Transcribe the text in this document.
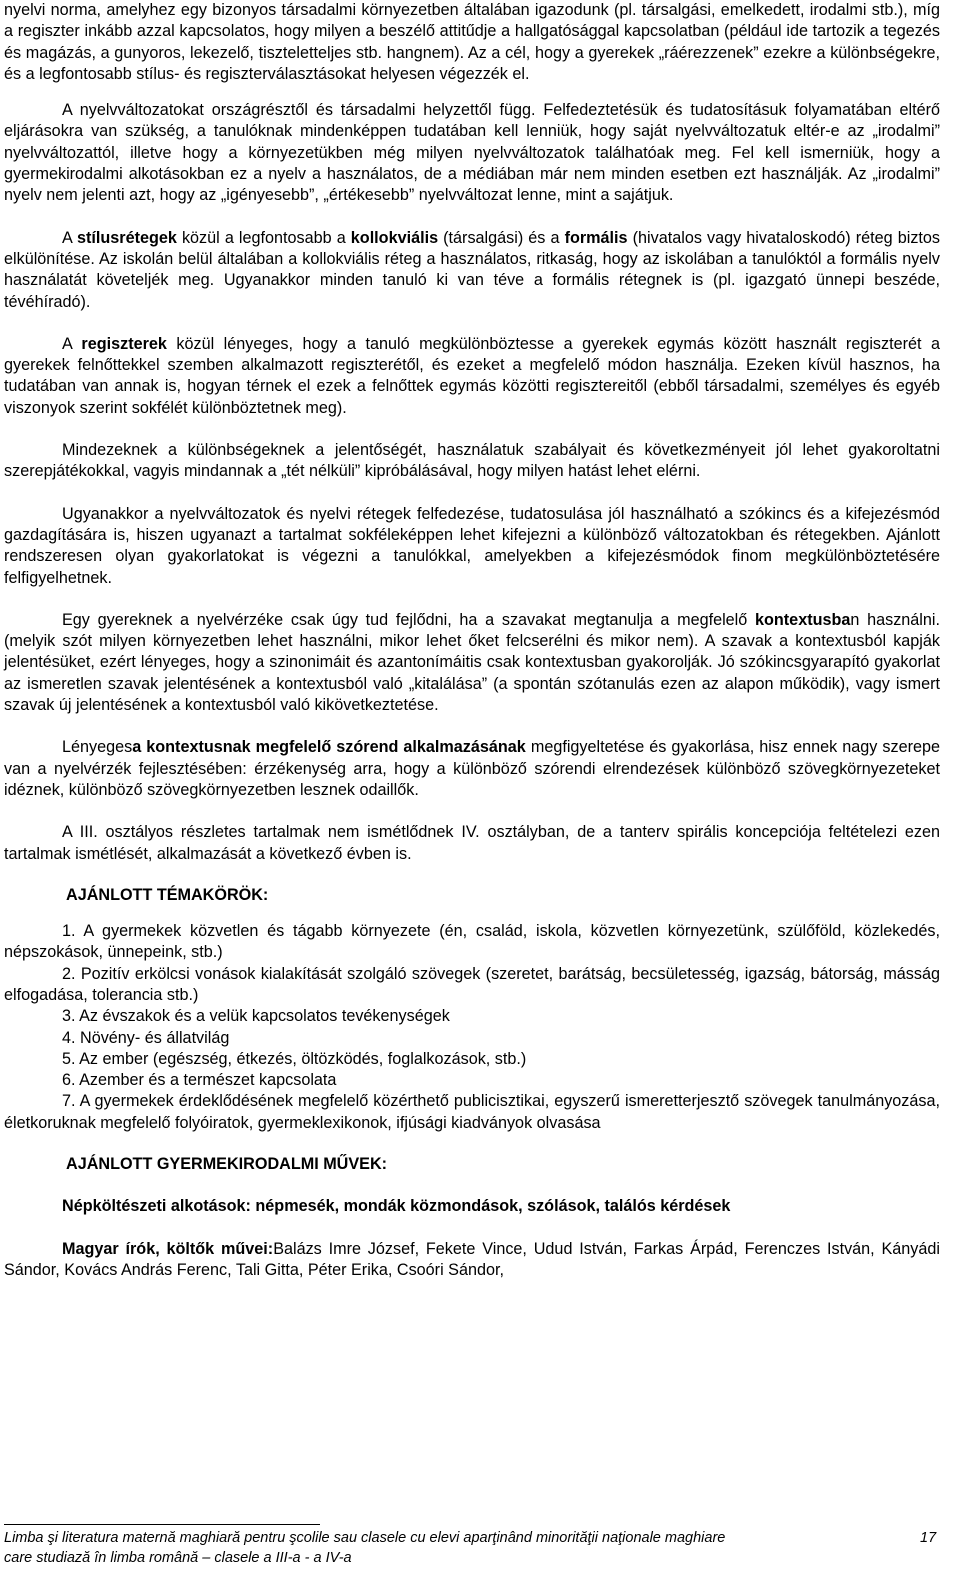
nyelvi norma, amelyhez egy bizonyos társadalmi környezetben általában igazodunk (pl. társalgási, emelkedett, irodalmi stb.), míg a regiszter inkább azzal kapcsolatos, hogy milyen a beszélő attitűdje a hallgatósággal kapcsolatban (például ide tartozik a tegezés és magázás, a gunyoros, lekezelő, tiszteletteljes stb. hangnem). Az a cél, hogy a gyerekek „ráérezzenek” ezekre a különbségekre, és a legfontosabb stílus- és regiszterválasztásokat helyesen végezzék el.

A nyelvváltozatokat országrésztől és társadalmi helyzettől függ. Felfedeztetésük és tudatosításuk folyamatában eltérő eljárásokra van szükség, a tanulóknak mindenképpen tudatában kell lenniük, hogy saját nyelvváltozatuk eltér-e az „irodalmi” nyelvváltozattól, illetve hogy a környezetükben még milyen nyelvváltozatok találhatóak meg. Fel kell ismerniük, hogy a gyermekirodalmi alkotásokban ez a nyelv a használatos, de a médiában már nem minden esetben ezt használják. Az „irodalmi” nyelv nem jelenti azt, hogy az „igényesebb”, „értékesebb” nyelvváltozat lenne, mint a sajátjuk.

A stílusrétegek közül a legfontosabb a kollokviális (társalgási) és a formális (hivatalos vagy hivataloskodó) réteg biztos elkülönítése. Az iskolán belül általában a kollokviális réteg a használatos, ritkaság, hogy az iskolában a tanulóktól a formális nyelv használatát követeljék meg. Ugyanakkor minden tanuló ki van téve a formális rétegnek is (pl. igazgató ünnepi beszéde, tévéhíradó).

A regiszterek közül lényeges, hogy a tanuló megkülönböztesse a gyerekek egymás között használt regiszterét a gyerekek felnőttekkel szemben alkalmazott regiszterétől, és ezeket a megfelelő módon használja. Ezeken kívül hasznos, ha tudatában van annak is, hogyan térnek el ezek a felnőttek egymás közötti regisztereitől (ebből társadalmi, személyes és egyéb viszonyok szerint sokfélét különböztetnek meg).

Mindezeknek a különbségeknek a jelentőségét, használatuk szabályait és következményeit jól lehet gyakoroltatni szerepjátékokkal, vagyis mindannak a „tét nélküli” kipróbálásával, hogy milyen hatást lehet elérni.

Ugyanakkor a nyelvváltozatok és nyelvi rétegek felfedezése, tudatosulása jól használható a szókincs és a kifejezésmód gazdagítására is, hiszen ugyanazt a tartalmat sokféleképpen lehet kifejezni a különböző változatokban és rétegekben. Ajánlott rendszeresen olyan gyakorlatokat is végezni a tanulókkal, amelyekben a kifejezésmódok finom megkülönböztetésére felfigyelhetnek.

Egy gyereknek a nyelvérzéke csak úgy tud fejlődni, ha a szavakat megtanulja a megfelelő kontextusban használni. (melyik szót milyen környezetben lehet használni, mikor lehet őket felcserélni és mikor nem). A szavak a kontextusból kapják jelentésüket, ezért lényeges, hogy a szinonimáit és azantonímáitis csak kontextusban gyakorolják. Jó szókincsgyarapító gyakorlat az ismeretlen szavak jelentésének a kontextusból való „kitalálása” (a spontán szótanulás ezen az alapon működik), vagy ismert szavak új jelentésének a kontextusból való kikövetkeztetése.

Lényegesa kontextusnak megfelelő szórend alkalmazásának megfigyeltetése és gyakorlása, hisz ennek nagy szerepe van a nyelvérzék fejlesztésében: érzékenység arra, hogy a különböző szórendi elrendezések különböző szövegkörnyezeteket idéznek, különböző szövegkörnyezetben lesznek odaillők.

A III. osztályos részletes tartalmak nem ismétlődnek IV. osztályban, de a tanterv spirális koncepciója feltételezi ezen tartalmak ismétlését, alkalmazását a következő évben is.

AJÁNLOTT TÉMAKÖRÖK:

1. A gyermekek közvetlen és tágabb környezete (én, család, iskola, közvetlen környezetünk, szülőföld, közlekedés, népszokások, ünnepeink, stb.)

2. Pozitív erkölcsi vonások kialakítását szolgáló szövegek (szeretet, barátság, becsületesség, igazság, bátorság, másság elfogadása, tolerancia stb.)

3. Az évszakok és a velük kapcsolatos tevékenységek

4. Növény- és állatvilág

5. Az ember (egészség, étkezés, öltözködés, foglalkozások, stb.)

6. Azember és a természet kapcsolata

7. A gyermekek érdeklődésének megfelelő közérthető publicisztikai, egyszerű ismeretterjesztő szövegek tanulmányozása, életkoruknak megfelelő folyóiratok, gyermeklexikonok, ifjúsági kiadványok olvasása

AJÁNLOTT GYERMEKIRODALMI MŰVEK:

Népköltészeti alkotások: népmesék, mondák közmondások, szólások, találós kérdések

Magyar írók, költők művei:Balázs Imre József, Fekete Vince, Udud István, Farkas Árpád, Ferenczes István, Kányádi Sándor, Kovács András Ferenc, Tali Gitta, Péter Erika, Csoóri Sándor,

Limba şi literatura maternă maghiară pentru şcolile sau clasele cu elevi aparţinând minorităţii naţionale maghiare
care studiază în limba română – clasele a III-a - a IV-a
17
